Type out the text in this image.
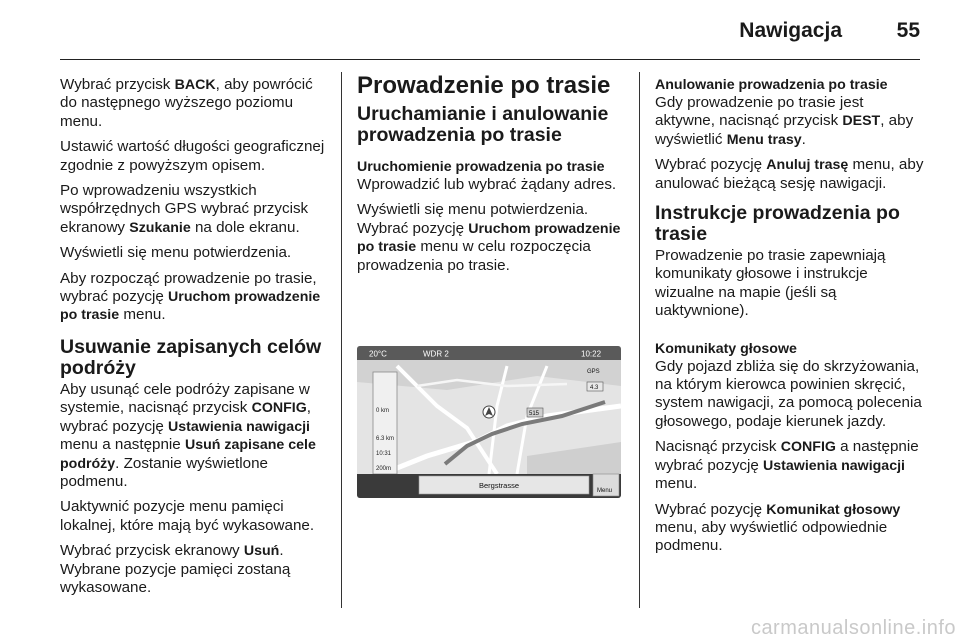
Nawigacja	55

Wybrać przycisk BACK, aby powrócić do następnego wyższego poziomu menu.

Ustawić wartość długości geograficznej zgodnie z powyższym opisem.

Po wprowadzeniu wszystkich współrzędnych GPS wybrać przycisk ekranowy Szukanie na dole ekranu.

Wyświetli się menu potwierdzenia.

Aby rozpocząć prowadzenie po trasie, wybrać pozycję Uruchom prowadzenie po trasie menu.

Usuwanie zapisanych celów podróży

Aby usunąć cele podróży zapisane w systemie, nacisnąć przycisk CONFIG, wybrać pozycję Ustawienia nawigacji menu a następnie Usuń zapisane cele podróży. Zostanie wyświetlone podmenu.

Uaktywnić pozycje menu pamięci lokalnej, które mają być wykasowane.

Wybrać przycisk ekranowy Usuń. Wybrane pozycje pamięci zostaną wykasowane.

Prowadzenie po trasie
Uruchamianie i anulowanie prowadzenia po trasie
Uruchomienie prowadzenia po trasie

Wprowadzić lub wybrać żądany adres.

Wyświetli się menu potwierdzenia. Wybrać pozycję Uruchom prowadzenie po trasie menu w celu rozpoczęcia prowadzenia po trasie.

20°C	WDR 2	10:22
0 km
6.3 km
10:31
200m
515
4.3
GPS
Bergstrasse
Menu
Anulowanie prowadzenia po trasie

Gdy prowadzenie po trasie jest aktywne, nacisnąć przycisk DEST, aby wyświetlić Menu trasy.

Wybrać pozycję Anuluj trasę menu, aby anulować bieżącą sesję nawigacji.

Instrukcje prowadzenia po trasie

Prowadzenie po trasie zapewniają komunikaty głosowe i instrukcje wizualne na mapie (jeśli są uaktywnione).

Komunikaty głosowe

Gdy pojazd zbliża się do skrzyżowania, na którym kierowca powinien skręcić, system nawigacji, za pomocą polecenia głosowego, podaje kierunek jazdy.

Nacisnąć przycisk CONFIG a następnie wybrać pozycję Ustawienia nawigacji menu.

Wybrać pozycję Komunikat głosowy menu, aby wyświetlić odpowiednie podmenu.

carmanualsonline.info
